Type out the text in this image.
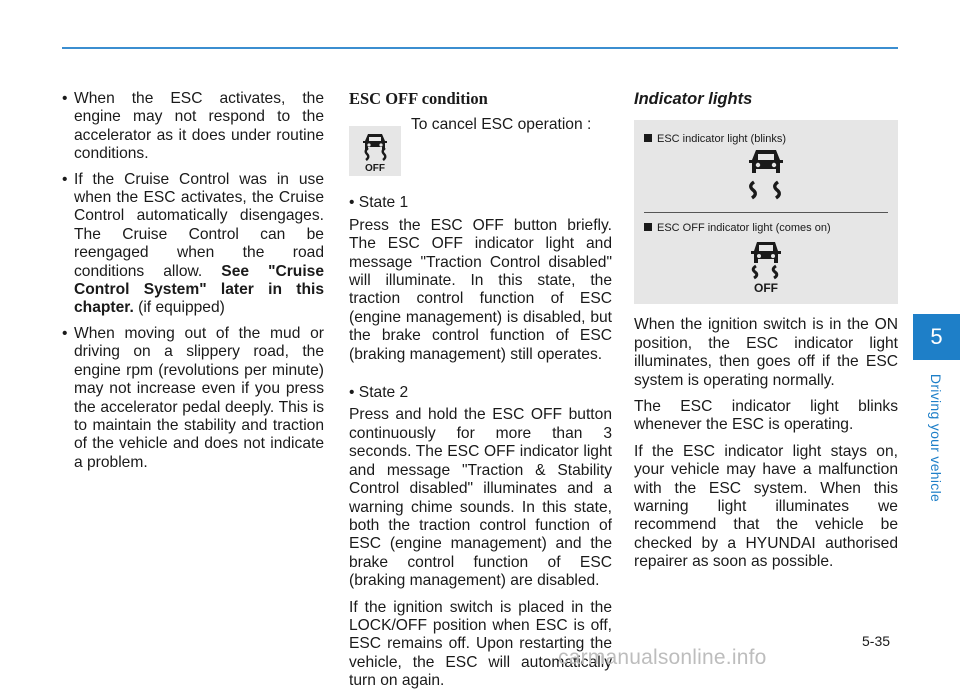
• When the ESC activates, the engine may not respond to the accelerator as it does under routine conditions.
• If the Cruise Control was in use when the ESC activates, the Cruise Control automatically disengages. The Cruise Control can be reengaged when the road conditions allow. See "Cruise Control System" later in this chapter. (if equipped)
• When moving out of the mud or driving on a slippery road, the engine rpm (revolutions per minute) may not increase even if you press the accelerator pedal deeply. This is to maintain the stability and traction of the vehicle and does not indicate a problem.
ESC OFF condition
OFF
To cancel ESC operation :
• State 1

Press the ESC OFF button briefly. The ESC OFF indicator light and message "Traction Control disabled" will illuminate. In this state, the traction control function of ESC (engine management) is disabled, but the brake control function of ESC (braking management) still operates.

• State 2

Press and hold the ESC OFF button continuously for more than 3 seconds. The ESC OFF indicator light and message "Traction & Stability Control disabled" illuminates and a warning chime sounds. In this state, both the traction control function of ESC (engine management) and the brake control function of ESC (braking management) are disabled.

If the ignition switch is placed in the LOCK/OFF position when ESC is off, ESC remains off. Upon restarting the vehicle, the ESC will automatically turn on again.

Indicator lights
ESC indicator light (blinks)
ESC OFF indicator light (comes on)
OFF

When the ignition switch is in the ON position, the ESC indicator light illuminates, then goes off if the ESC system is operating normally.

The ESC indicator light blinks whenever the ESC is operating.

If the ESC indicator light stays on, your vehicle may have a malfunction with the ESC system. When this warning light illuminates we recommend that the vehicle be checked by a HYUNDAI authorised repairer as soon as possible.

5
Driving your vehicle
5-35
carmanualsonline.info
